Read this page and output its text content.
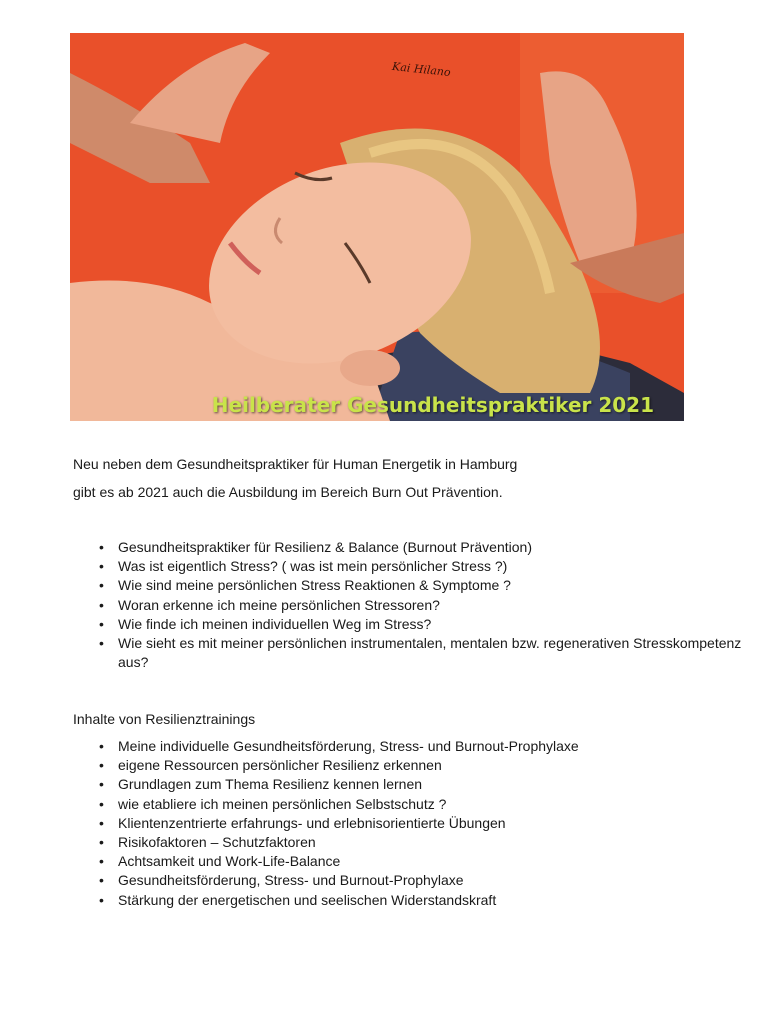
Kai Hilano
Heilberater Gesundheitspraktiker 2021
Neu neben dem Gesundheitspraktiker für Human Energetik in Hamburg
gibt es ab 2021 auch die Ausbildung im Bereich Burn Out Prävention.
• Gesundheitspraktiker für Resilienz & Balance (Burnout Prävention)
• Was ist eigentlich Stress? ( was ist mein persönlicher Stress ?)
• Wie sind meine persönlichen Stress Reaktionen & Symptome ?
• Woran erkenne ich meine persönlichen Stressoren?
• Wie finde ich meinen individuellen Weg im Stress?
• Wie sieht es mit meiner persönlichen instrumentalen, mentalen bzw. regenerativen Stresskompetenz aus?
Inhalte von Resilienztrainings
• Meine individuelle Gesundheitsförderung, Stress- und Burnout-Prophylaxe
• eigene Ressourcen persönlicher Resilienz erkennen
• Grundlagen zum Thema Resilienz kennen lernen
• wie etabliere ich meinen persönlichen Selbstschutz ?
• Klientenzentrierte erfahrungs- und erlebnisorientierte Übungen
• Risikofaktoren – Schutzfaktoren
• Achtsamkeit und Work-Life-Balance
• Gesundheitsförderung, Stress- und Burnout-Prophylaxe
• Stärkung der energetischen und seelischen Widerstandskraft
